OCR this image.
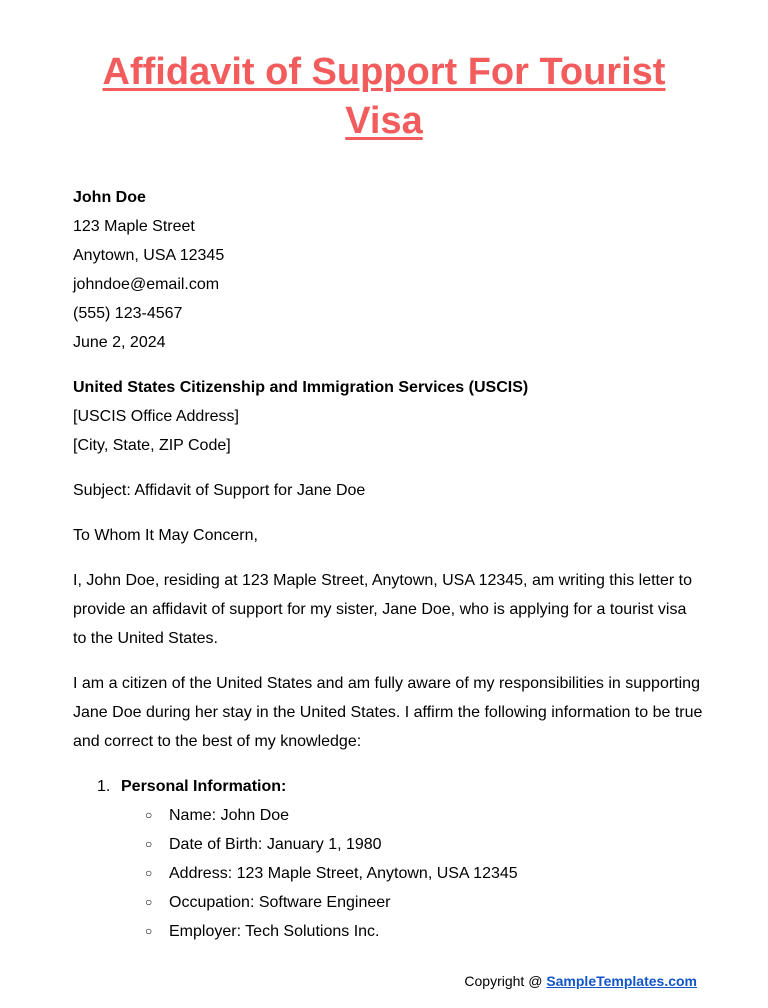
Affidavit of Support For Tourist Visa
John Doe
123 Maple Street
Anytown, USA 12345
johndoe@email.com
(555) 123-4567
June 2, 2024
United States Citizenship and Immigration Services (USCIS)
[USCIS Office Address]
[City, State, ZIP Code]

Subject: Affidavit of Support for Jane Doe

To Whom It May Concern,

I, John Doe, residing at 123 Maple Street, Anytown, USA 12345, am writing this letter to provide an affidavit of support for my sister, Jane Doe, who is applying for a tourist visa to the United States.

I am a citizen of the United States and am fully aware of my responsibilities in supporting Jane Doe during her stay in the United States. I affirm the following information to be true and correct to the best of my knowledge:

1. Personal Information:
○ Name: John Doe
○ Date of Birth: January 1, 1980
○ Address: 123 Maple Street, Anytown, USA 12345
○ Occupation: Software Engineer
○ Employer: Tech Solutions Inc.
Copyright @ SampleTemplates.com
